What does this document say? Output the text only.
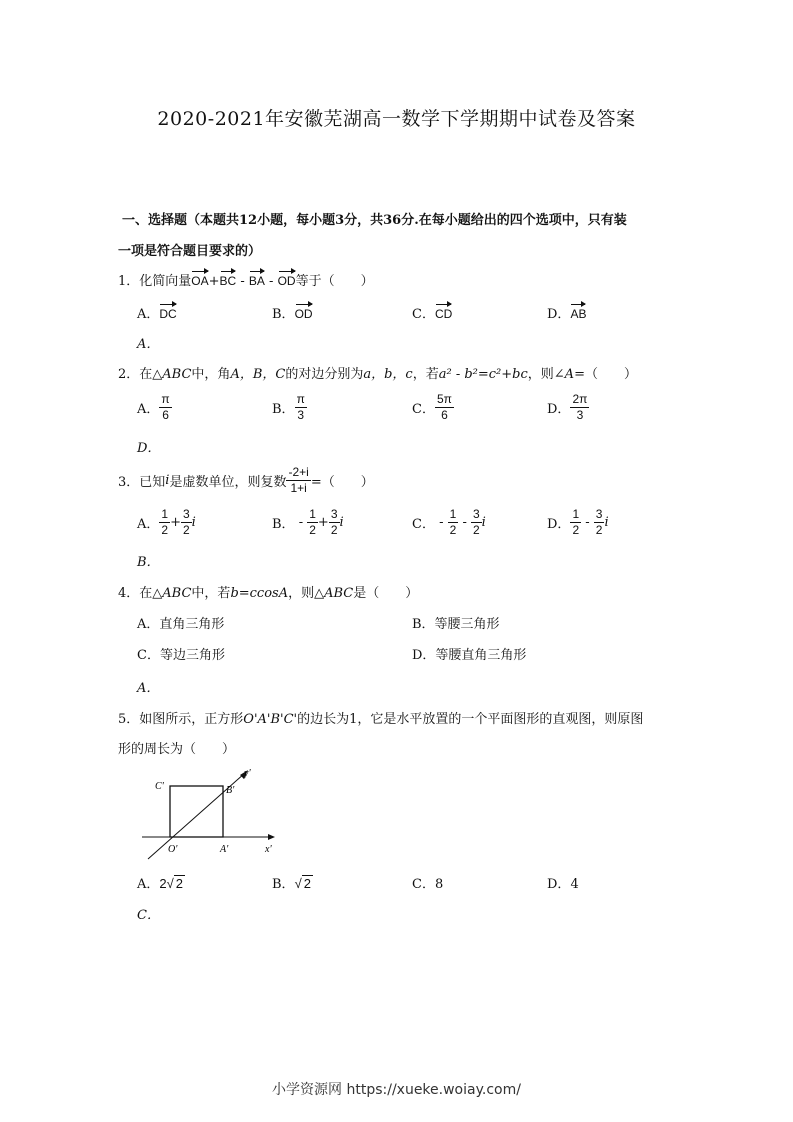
2020-2021年安徽芜湖高一数学下学期期中试卷及答案
一、选择题（本题共12小题，每小题3分，共36分.在每小题给出的四个选项中，只有装
一项是符合题目要求的）
1．化简向量OA+BC - BA - OD等于（　　）
A．DC	B．OD	C．CD	D．AB
A．
2．在△ABC中，角A，B，C的对边分别为a，b，c，若a² - b²=c²+bc，则∠A=（　　）
A． $\frac{\pi}{6}$	B． $\frac{\pi}{3}$	C． $\frac{5\pi}{6}$	D． $\frac{2\pi}{3}$
D．
3．已知i是虚数单位，则复数 $\frac{-2+i}{1+i}$ =（　　）
A． $\frac{1}{2} + \frac{3}{2}$ i	B． - $\frac{1}{2} + \frac{3}{2}$ i	C． - $\frac{1}{2} - \frac{3}{2}$ i	D． $\frac{1}{2} - \frac{3}{2}$ i
B．
4．在△ABC中，若b=ccosA，则△ABC是（　　）
A．直角三角形	B．等腰三角形
C．等边三角形	D．等腰直角三角形
A．
5．如图所示，正方形O'A'B'C'的边长为1，它是水平放置的一个平面图形的直观图，则原图
形的周长为（　　）
C'	B'
y'
O'	A'	x'
A．2√ 2	B．√ 2	C．8	D．4
C．
小学资源网 https://xueke.woiay.com/
